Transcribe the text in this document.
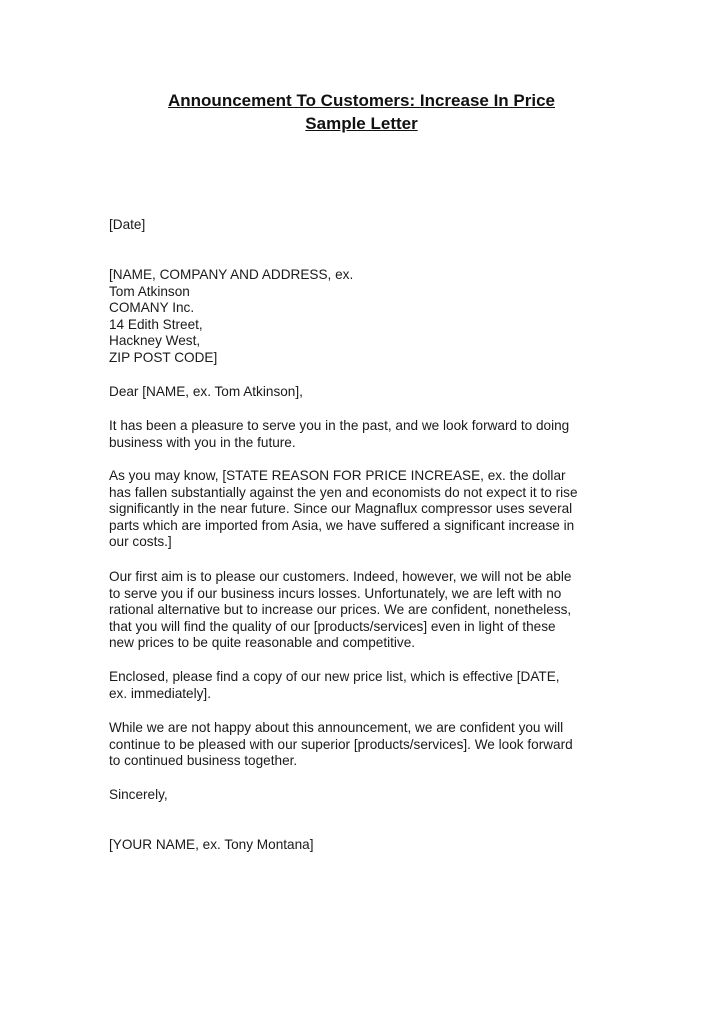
Announcement To Customers: Increase In Price
Sample Letter
[Date]
[NAME, COMPANY AND ADDRESS, ex.
Tom Atkinson
COMANY Inc.
14 Edith Street,
Hackney West,
ZIP POST CODE]
Dear [NAME, ex. Tom Atkinson],
It has been a pleasure to serve you in the past, and we look forward to doing
business with you in the future.
As you may know, [STATE REASON FOR PRICE INCREASE, ex. the dollar
has fallen substantially against the yen and economists do not expect it to rise
significantly in the near future. Since our Magnaflux compressor uses several
parts which are imported from Asia, we have suffered a significant increase in
our costs.]
Our first aim is to please our customers. Indeed, however, we will not be able
to serve you if our business incurs losses. Unfortunately, we are left with no
rational alternative but to increase our prices. We are confident, nonetheless,
that you will find the quality of our [products/services] even in light of these
new prices to be quite reasonable and competitive.
Enclosed, please find a copy of our new price list, which is effective [DATE,
ex. immediately].
While we are not happy about this announcement, we are confident you will
continue to be pleased with our superior [products/services]. We look forward
to continued business together.
Sincerely,
[YOUR NAME, ex. Tony Montana]
